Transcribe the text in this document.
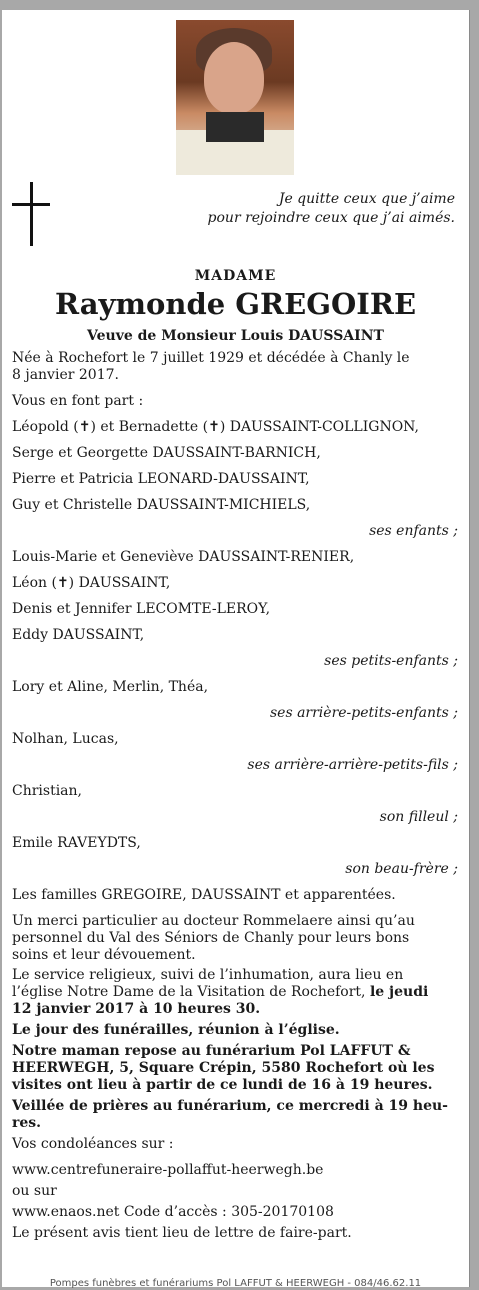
Je quitte ceux que j’aime
pour rejoindre ceux que j’ai aimés.
MADAME
Raymonde GREGOIRE
Veuve de Monsieur Louis DAUSSAINT

Née à Rochefort le 7 juillet 1929 et décédée à Chanly le

8 janvier 2017.

Vous en font part :

Léopold (✝) et Bernadette (✝) DAUSSAINT-COLLIGNON,

Serge et Georgette DAUSSAINT-BARNICH,

Pierre et Patricia LEONARD-DAUSSAINT,

Guy et Christelle DAUSSAINT-MICHIELS,

ses enfants ;

Louis-Marie et Geneviève DAUSSAINT-RENIER,

Léon (✝) DAUSSAINT,

Denis et Jennifer LECOMTE-LEROY,

Eddy DAUSSAINT,

ses petits-enfants ;

Lory et Aline, Merlin, Théa,

ses arrière-petits-enfants ;

Nolhan, Lucas,

ses arrière-arrière-petits-fils ;

Christian,

son filleul ;

Emile RAVEYDTS,

son beau-frère ;

Les familles GREGOIRE, DAUSSAINT et apparentées.

Un merci particulier au docteur Rommelaere ainsi qu’au

personnel du Val des Séniors de Chanly pour leurs bons

soins et leur dévouement.

Le service religieux, suivi de l’inhumation, aura lieu en

l’église Notre Dame de la Visitation de Rochefort, le jeudi

12 janvier 2017 à 10 heures 30.

Le jour des funérailles, réunion à l’église.

Notre maman repose au funérarium Pol LAFFUT &

HEERWEGH, 5, Square Crépin, 5580 Rochefort où les

visites ont lieu à partir de ce lundi de 16 à 19 heures.

Veillée de prières au funérarium, ce mercredi à 19 heu-

res.

Vos condoléances sur :

www.centrefuneraire-pollaffut-heerwegh.be

ou sur

www.enaos.net Code d’accès : 305-20170108

Le présent avis tient lieu de lettre de faire-part.

Pompes funèbres et funérariums Pol LAFFUT & HEERWEGH - 084/46.62.11
